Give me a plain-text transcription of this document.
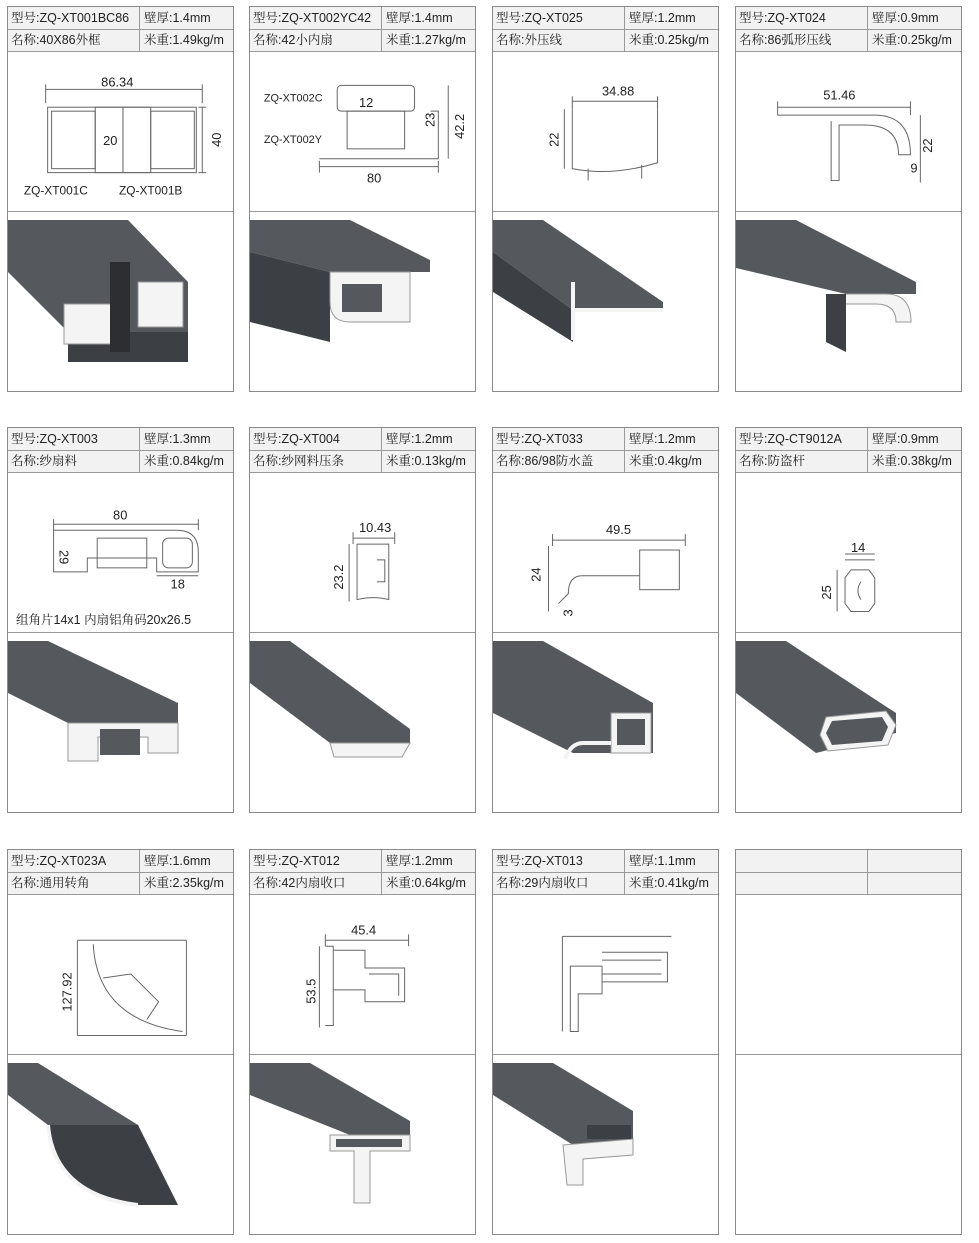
型号:ZQ-XT001BC86	壁厚:1.4mm
名称:40X86外框	米重:1.49kg/m
86.34
20	40
ZQ-XT001C	ZQ-XT001B
型号:ZQ-XT002YC42	壁厚:1.4mm
名称:42小内扇	米重:1.27kg/m
ZQ-XT002C
ZQ-XT002Y
12
23 42.2
80
型号:ZQ-XT025	壁厚:1.2mm
名称:外压线	米重:0.25kg/m
34.88
22
型号:ZQ-XT024	壁厚:0.9mm
名称:86弧形压线	米重:0.25kg/m
51.46
22
9
型号:ZQ-XT003	壁厚:1.3mm
名称:纱扇料	米重:0.84kg/m
80
29
18
组角片14x1 内扇铝角码20x26.5
型号:ZQ-XT004	壁厚:1.2mm
名称:纱网料压条	米重:0.13kg/m
10.43
23.2
型号:ZQ-XT033	壁厚:1.2mm
名称:86/98防水盖	米重:0.4kg/m
49.5
24
3
型号:ZQ-CT9012A	壁厚:0.9mm
名称:防盗杆	米重:0.38kg/m
14
25
型号:ZQ-XT023A	壁厚:1.6mm
名称:通用转角	米重:2.35kg/m
127.92
型号:ZQ-XT012	壁厚:1.2mm
名称:42内扇收口	米重:0.64kg/m
45.4
53.5
型号:ZQ-XT013	壁厚:1.1mm
名称:29内扇收口	米重:0.41kg/m
